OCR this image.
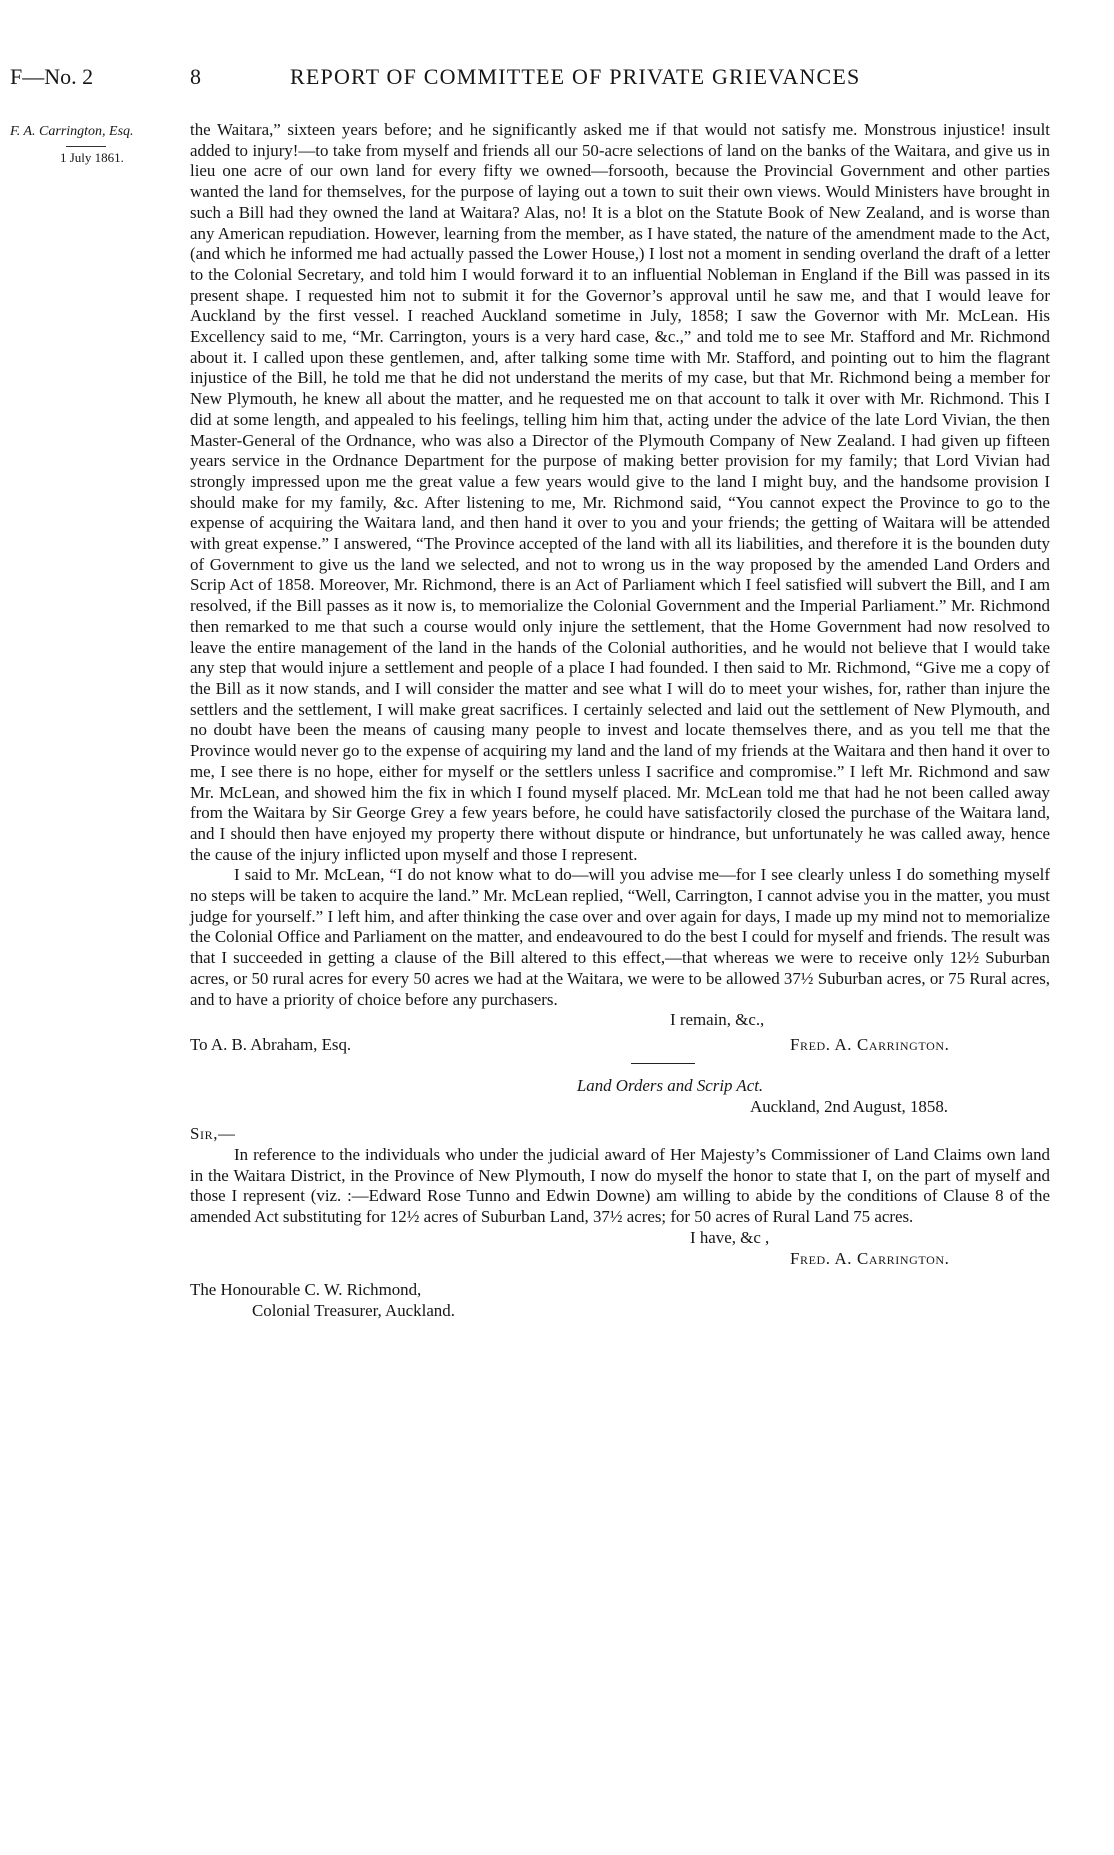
F—No. 2	8	REPORT OF COMMITTEE OF PRIVATE GRIEVANCES
F. A. Carrington, Esq.
1 July 1861.

the Waitara,” sixteen years before; and he significantly asked me if that would not satisfy me. Monstrous injustice! insult added to injury!—to take from myself and friends all our 50-acre selections of land on the banks of the Waitara, and give us in lieu one acre of our own land for every fifty we owned—forsooth, because the Provincial Government and other parties wanted the land for themselves, for the purpose of laying out a town to suit their own views. Would Ministers have brought in such a Bill had they owned the land at Waitara? Alas, no! It is a blot on the Statute Book of New Zealand, and is worse than any American repudiation. However, learning from the member, as I have stated, the nature of the amendment made to the Act, (and which he informed me had actually passed the Lower House,) I lost not a moment in sending overland the draft of a letter to the Colonial Secretary, and told him I would forward it to an influential Nobleman in England if the Bill was passed in its present shape. I requested him not to submit it for the Governor’s approval until he saw me, and that I would leave for Auckland by the first vessel. I reached Auckland sometime in July, 1858; I saw the Governor with Mr. McLean. His Excellency said to me, “Mr. Carrington, yours is a very hard case, &c.,” and told me to see Mr. Stafford and Mr. Richmond about it. I called upon these gentlemen, and, after talking some time with Mr. Stafford, and pointing out to him the flagrant injustice of the Bill, he told me that he did not understand the merits of my case, but that Mr. Richmond being a member for New Plymouth, he knew all about the matter, and he requested me on that account to talk it over with Mr. Richmond. This I did at some length, and appealed to his feelings, telling him him that, acting under the advice of the late Lord Vivian, the then Master-General of the Ordnance, who was also a Director of the Plymouth Company of New Zealand. I had given up fifteen years service in the Ordnance Department for the purpose of making better provision for my family; that Lord Vivian had strongly impressed upon me the great value a few years would give to the land I might buy, and the handsome provision I should make for my family, &c. After listening to me, Mr. Richmond said, “You cannot expect the Province to go to the expense of acquiring the Waitara land, and then hand it over to you and your friends; the getting of Waitara will be attended with great expense.” I answered, “The Province accepted of the land with all its liabilities, and therefore it is the bounden duty of Government to give us the land we selected, and not to wrong us in the way proposed by the amended Land Orders and Scrip Act of 1858. Moreover, Mr. Richmond, there is an Act of Parliament which I feel satisfied will subvert the Bill, and I am resolved, if the Bill passes as it now is, to memorialize the Colonial Government and the Imperial Parliament.” Mr. Richmond then remarked to me that such a course would only injure the settlement, that the Home Government had now resolved to leave the entire management of the land in the hands of the Colonial authorities, and he would not believe that I would take any step that would injure a settlement and people of a place I had founded. I then said to Mr. Richmond, “Give me a copy of the Bill as it now stands, and I will consider the matter and see what I will do to meet your wishes, for, rather than injure the settlers and the settlement, I will make great sacrifices. I certainly selected and laid out the settlement of New Plymouth, and no doubt have been the means of causing many people to invest and locate themselves there, and as you tell me that the Province would never go to the expense of acquiring my land and the land of my friends at the Waitara and then hand it over to me, I see there is no hope, either for myself or the settlers unless I sacrifice and compromise.” I left Mr. Richmond and saw Mr. McLean, and showed him the fix in which I found myself placed. Mr. McLean told me that had he not been called away from the Waitara by Sir George Grey a few years before, he could have satisfactorily closed the purchase of the Waitara land, and I should then have enjoyed my property there without dispute or hindrance, but unfortunately he was called away, hence the cause of the injury inflicted upon myself and those I represent.

I said to Mr. McLean, “I do not know what to do—will you advise me—for I see clearly unless I do something myself no steps will be taken to acquire the land.” Mr. McLean replied, “Well, Carrington, I cannot advise you in the matter, you must judge for yourself.” I left him, and after thinking the case over and over again for days, I made up my mind not to memorialize the Colonial Office and Parliament on the matter, and endeavoured to do the best I could for myself and friends. The result was that I succeeded in getting a clause of the Bill altered to this effect,—that whereas we were to receive only 12½ Suburban acres, or 50 rural acres for every 50 acres we had at the Waitara, we were to be allowed 37½ Suburban acres, or 75 Rural acres, and to have a priority of choice before any purchasers.

I remain, &c.,
To A. B. Abraham, Esq.	Fred. A. Carrington.
Land Orders and Scrip Act.
Auckland, 2nd August, 1858.
Sir,—

In reference to the individuals who under the judicial award of Her Majesty’s Commissioner of Land Claims own land in the Waitara District, in the Province of New Plymouth, I now do myself the honor to state that I, on the part of myself and those I represent (viz. :—Edward Rose Tunno and Edwin Downe) am willing to abide by the conditions of Clause 8 of the amended Act substituting for 12½ acres of Suburban Land, 37½ acres; for 50 acres of Rural Land 75 acres.

I have, &c ,
Fred. A. Carrington.
The Honourable C. W. Richmond,
Colonial Treasurer, Auckland.
